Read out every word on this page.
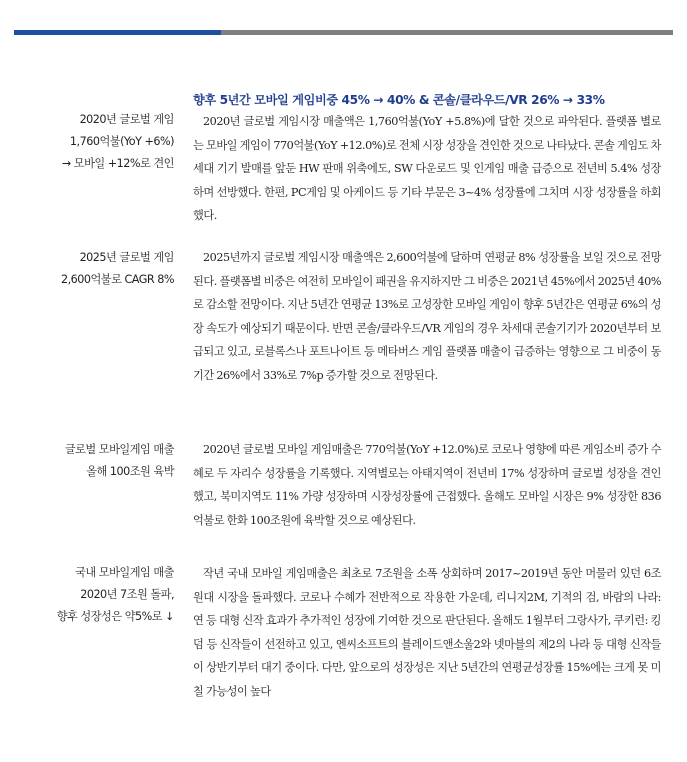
향후 5년간 모바일 게임비중 45% → 40% & 콘솔/클라우드/VR 26% → 33%
2020년 글로벌 게임
1,760억불(YoY +6%)
→ 모바일 +12%로 견인

2020년 글로벌 게임시장 매출액은 1,760억불(YoY +5.8%)에 달한 것으로 파악된다. 플랫폼 별로는 모바일 게임이 770억불(YoY +12.0%)로 전체 시장 성장을 견인한 것으로 나타났다. 콘솔 게임도 차세대 기기 발매를 앞둔 HW 판매 위축에도, SW 다운로드 및 인게임 매출 급증으로 전년비 5.4% 성장하며 선방했다. 한편, PC게임 및 아케이드 등 기타 부문은 3~4% 성장률에 그치며 시장 성장률을 하회했다.

2025년 글로벌 게임
2,600억불로 CAGR 8%

2025년까지 글로벌 게임시장 매출액은 2,600억불에 달하며 연평균 8% 성장률을 보일 것으로 전망된다. 플랫폼별 비중은 여전히 모바일이 패권을 유지하지만 그 비중은 2021년 45%에서 2025년 40%로 감소할 전망이다. 지난 5년간 연평균 13%로 고성장한 모바일 게임이 향후 5년간은 연평균 6%의 성장 속도가 예상되기 때문이다. 반면 콘솔/클라우드/VR 게임의 경우 차세대 콘솔기기가 2020년부터 보급되고 있고, 로블록스나 포트나이트 등 메타버스 게임 플랫폼 매출이 급증하는 영향으로 그 비중이 동기간 26%에서 33%로 7%p 증가할 것으로 전망된다.

글로벌 모바일게임 매출
올해 100조원 육박

2020년 글로벌 모바일 게임매출은 770억불(YoY +12.0%)로 코로나 영향에 따른 게임소비 증가 수혜로 두 자리수 성장률을 기록했다. 지역별로는 아태지역이 전년비 17% 성장하며 글로벌 성장을 견인했고, 북미지역도 11% 가량 성장하며 시장성장률에 근접했다. 올해도 모바일 시장은 9% 성장한 836억불로 한화 100조원에 육박할 것으로 예상된다.

국내 모바일게임 매출
2020년 7조원 돌파,
향후 성장성은 약5%로 ↓

작년 국내 모바일 게임매출은 최초로 7조원을 소폭 상회하며 2017~2019년 동안 머물러 있던 6조원대 시장을 돌파했다. 코로나 수혜가 전반적으로 작용한 가운데, 리니지2M, 기적의 검, 바람의 나라: 연 등 대형 신작 효과가 추가적인 성장에 기여한 것으로 판단된다. 올해도 1월부터 그랑사가, 쿠키런: 킹덤 등 신작들이 선전하고 있고, 엔씨소프트의 블레이드앤소울2와 넷마블의 제2의 나라 등 대형 신작들이 상반기부터 대기 중이다. 다만, 앞으로의 성장성은 지난 5년간의 연평균성장률 15%에는 크게 못 미칠 가능성이 높다
